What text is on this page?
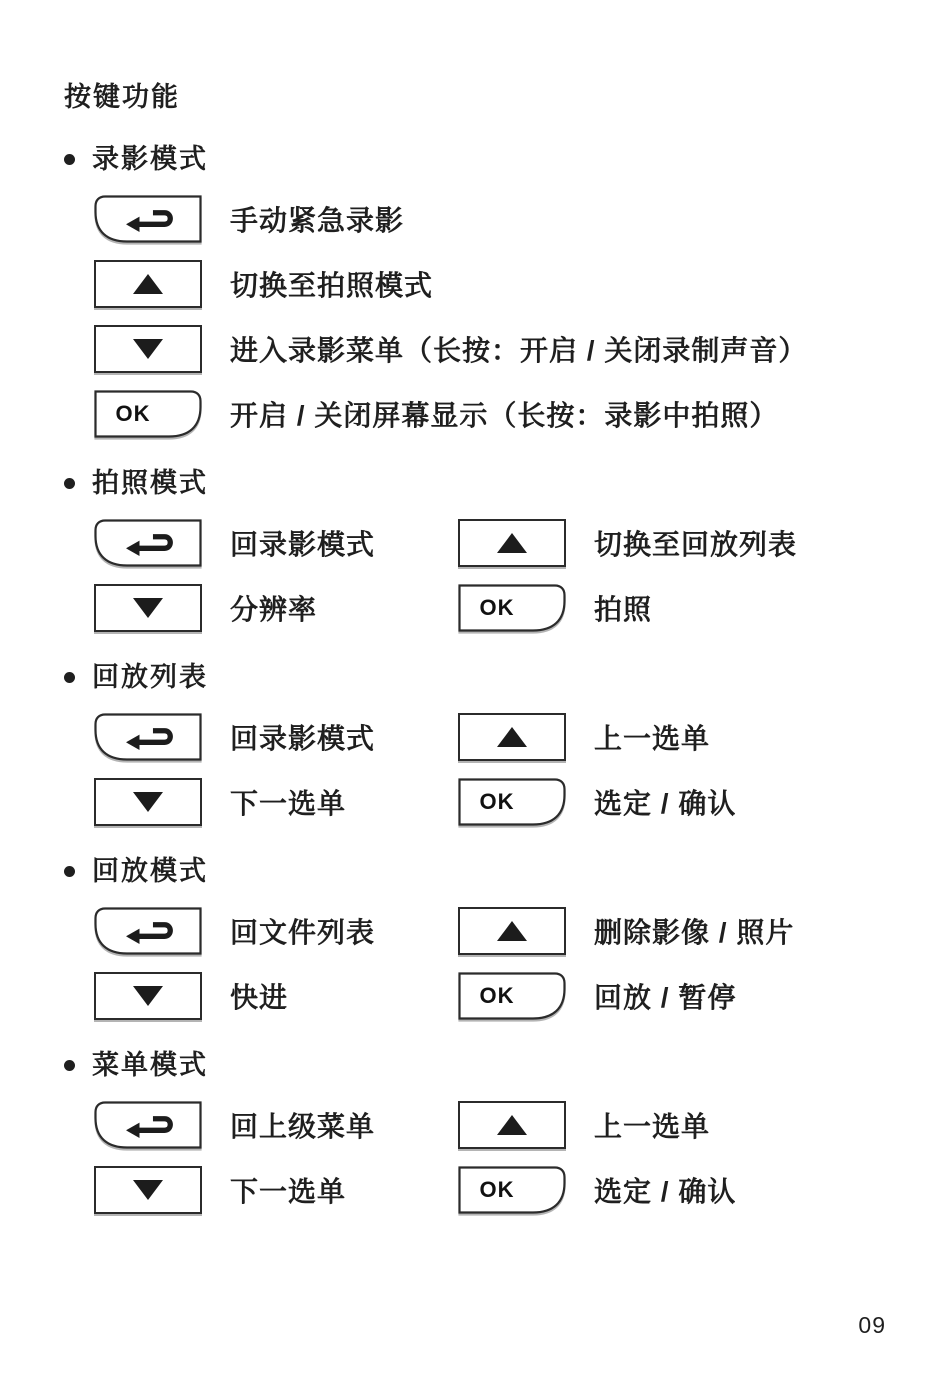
按键功能
录影模式
手动紧急录影
切换至拍照模式
进入录影菜单（长按：开启 / 关闭录制声音）
OK	开启 / 关闭屏幕显示（长按：录影中拍照）
拍照模式
回录影模式	切换至回放列表
分辨率	OK	拍照
回放列表
回录影模式	上一选单
下一选单	OK	选定 / 确认
回放模式
回文件列表	删除影像 / 照片
快进	OK	回放 / 暂停
菜单模式
回上级菜单	上一选单
下一选单	OK	选定 / 确认
09
